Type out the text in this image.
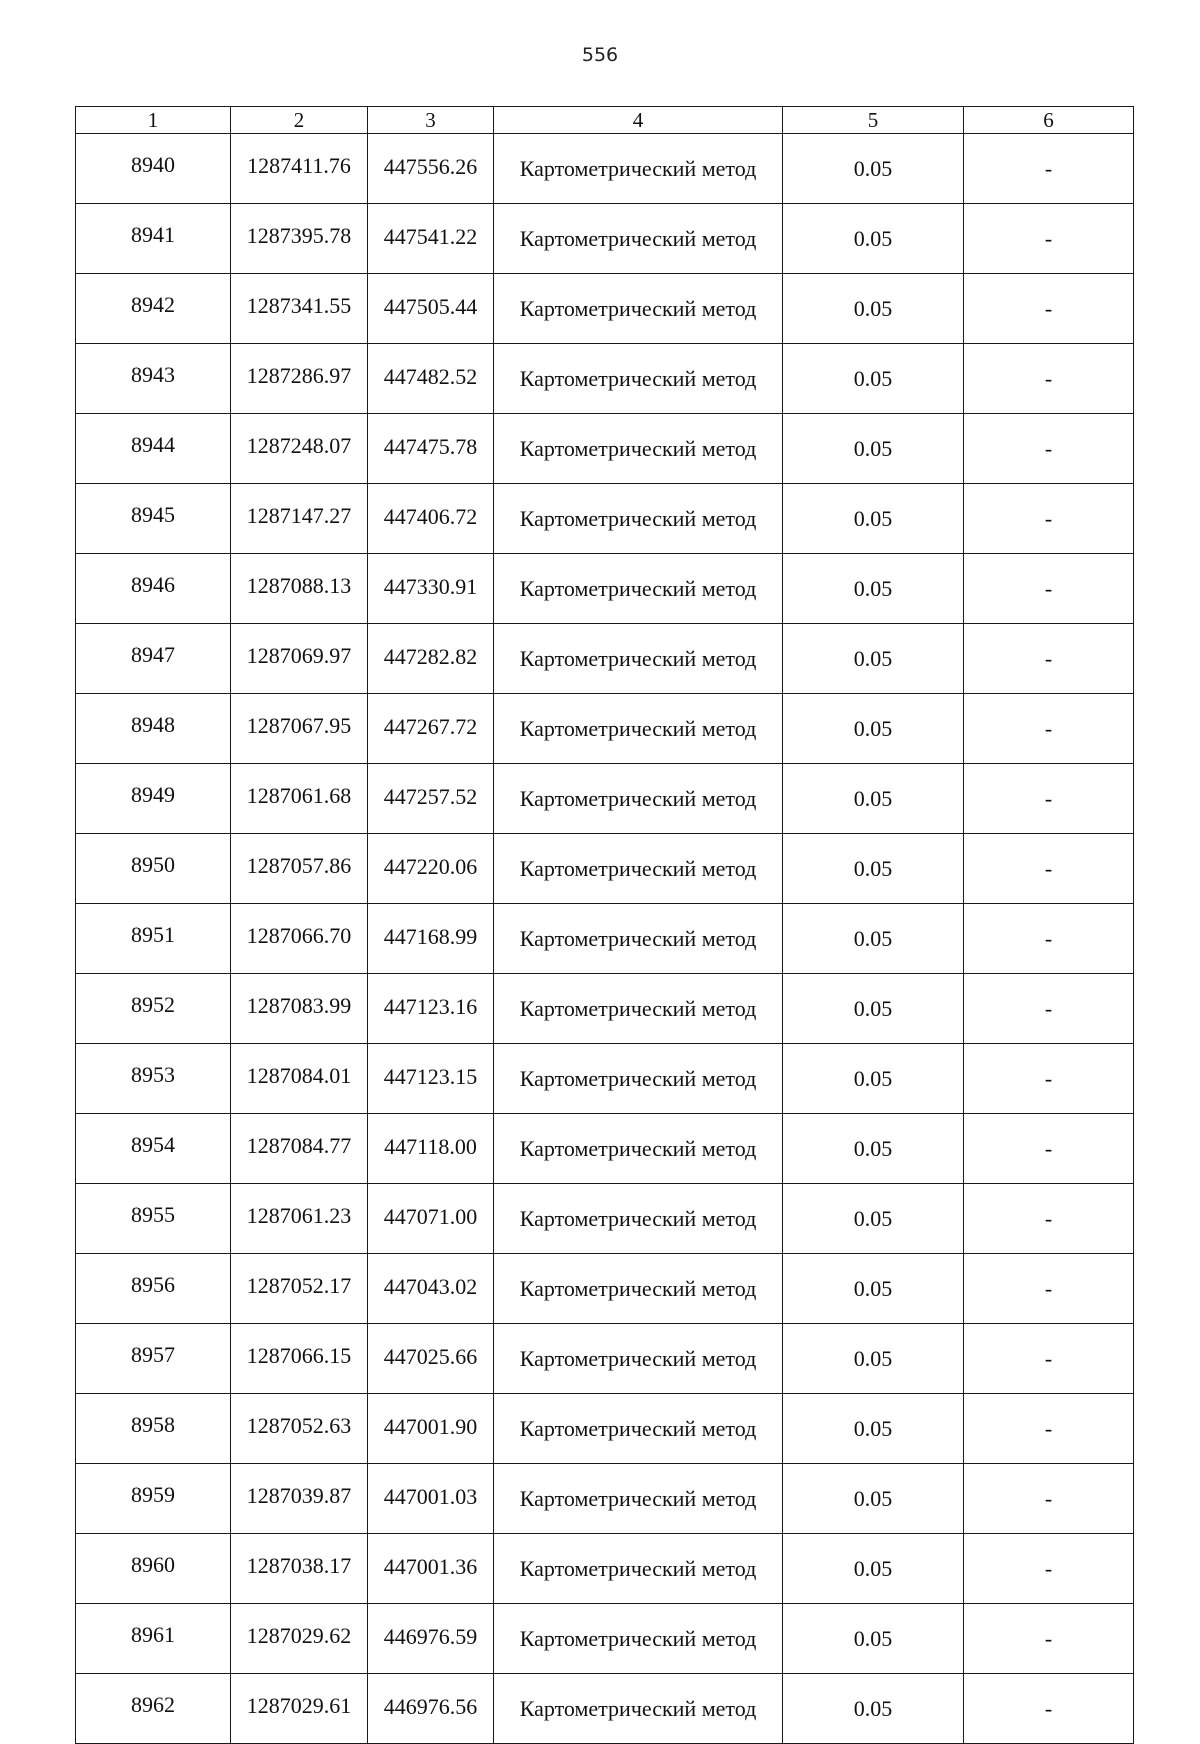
556
1	2	3	4	5	6
8940	1287411.76	447556.26	Картометрический метод	0.05	-
8941	1287395.78	447541.22	Картометрический метод	0.05	-
8942	1287341.55	447505.44	Картометрический метод	0.05	-
8943	1287286.97	447482.52	Картометрический метод	0.05	-
8944	1287248.07	447475.78	Картометрический метод	0.05	-
8945	1287147.27	447406.72	Картометрический метод	0.05	-
8946	1287088.13	447330.91	Картометрический метод	0.05	-
8947	1287069.97	447282.82	Картометрический метод	0.05	-
8948	1287067.95	447267.72	Картометрический метод	0.05	-
8949	1287061.68	447257.52	Картометрический метод	0.05	-
8950	1287057.86	447220.06	Картометрический метод	0.05	-
8951	1287066.70	447168.99	Картометрический метод	0.05	-
8952	1287083.99	447123.16	Картометрический метод	0.05	-
8953	1287084.01	447123.15	Картометрический метод	0.05	-
8954	1287084.77	447118.00	Картометрический метод	0.05	-
8955	1287061.23	447071.00	Картометрический метод	0.05	-
8956	1287052.17	447043.02	Картометрический метод	0.05	-
8957	1287066.15	447025.66	Картометрический метод	0.05	-
8958	1287052.63	447001.90	Картометрический метод	0.05	-
8959	1287039.87	447001.03	Картометрический метод	0.05	-
8960	1287038.17	447001.36	Картометрический метод	0.05	-
8961	1287029.62	446976.59	Картометрический метод	0.05	-
8962	1287029.61	446976.56	Картометрический метод	0.05	-
